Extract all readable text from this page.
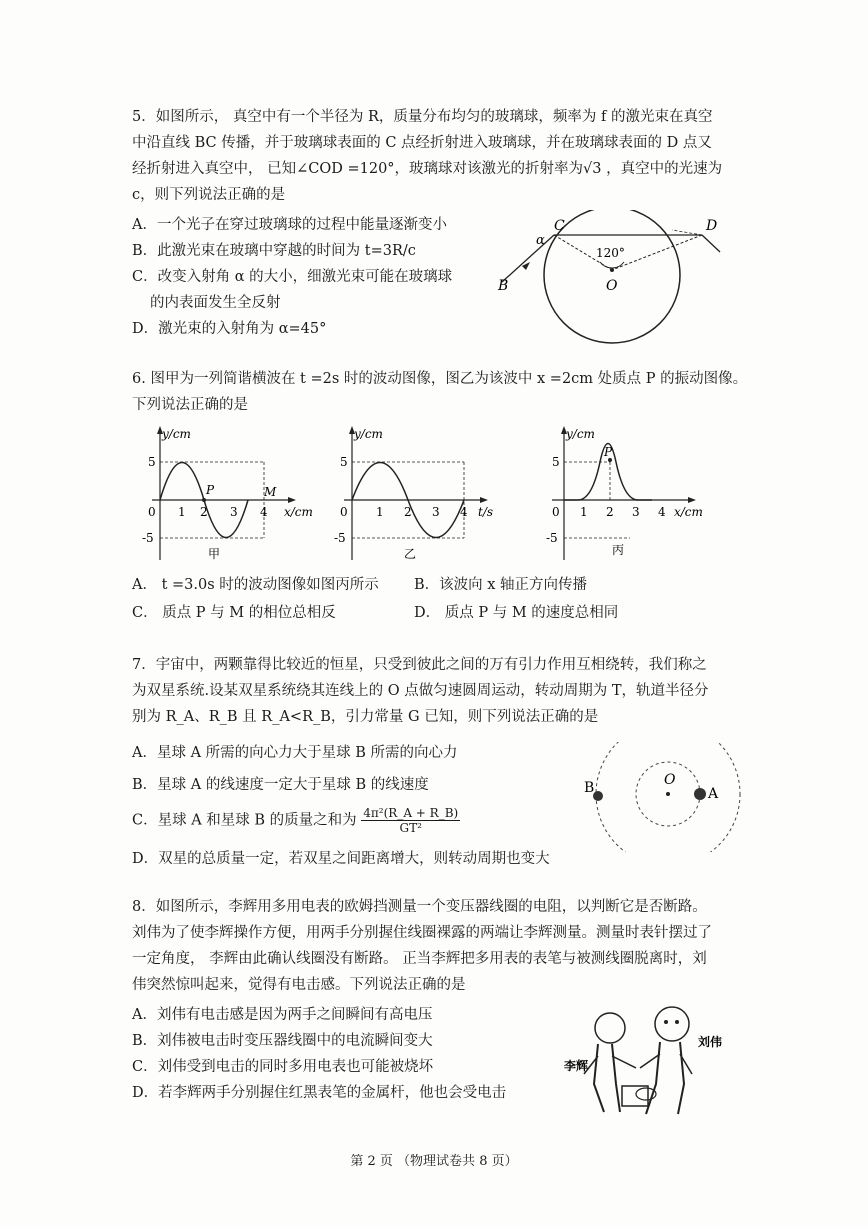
5．如图所示， 真空中有一个半径为 R，质量分布均匀的玻璃球，频率为 f 的激光束在真空
中沿直线 BC 传播，并于玻璃球表面的 C 点经折射进入玻璃球，并在玻璃球表面的 D 点又
经折射进入真空中， 已知∠COD =120°，玻璃球对该激光的折射率为√3 ，真空中的光速为
c，则下列说法正确的是
A．一个光子在穿过玻璃球的过程中能量逐渐变小
B．此激光束在玻璃中穿越的时间为 t=3R/c
C．改变入射角 α 的大小，细激光束可能在玻璃球
的内表面发生全反射
D．激光束的入射角为 α=45°
C	D
O
B
α
120°
6. 图甲为一列简谐横波在 t =2s 时的波动图像，图乙为该波中 x =2cm 处质点 P 的振动图像。
下列说法正确的是
y/cm
x/cm
5
-5
0 1 2 3 4
P	M
甲
y/cm
t/s
5
-5
0 1 2 3 4
乙
y/cm
x/cm
5
-5
0 1 2 3 4
P
丙
A． t =3.0s 时的波动图像如图丙所示 B．该波向 x 轴正方向传播
C． 质点 P 与 M 的相位总相反	D． 质点 P 与 M 的速度总相同
7．宇宙中，两颗靠得比较近的恒星，只受到彼此之间的万有引力作用互相绕转，我们称之
为双星系统.设某双星系统绕其连线上的 O 点做匀速圆周运动，转动周期为 T，轨道半径分
别为 R_A、R_B 且 R_A<R_B，引力常量 G 已知，则下列说法正确的是
A．星球 A 所需的向心力大于星球 B 所需的向心力
B．星球 A 的线速度一定大于星球 B 的线速度
C．星球 A 和星球 B 的质量之和为 $\frac{\text{4π²(R\_A + R\_B)}}{\text{GT²}}$
D．双星的总质量一定，若双星之间距离增大，则转动周期也变大
O
B	A
8．如图所示，李辉用多用电表的欧姆挡测量一个变压器线圈的电阻，以判断它是否断路。
刘伟为了使李辉操作方便，用两手分别握住线圈裸露的两端让李辉测量。测量时表针摆过了
一定角度， 李辉由此确认线圈没有断路。 正当李辉把多用表的表笔与被测线圈脱离时，刘
伟突然惊叫起来，觉得有电击感。下列说法正确的是
A．刘伟有电击感是因为两手之间瞬间有高电压
B．刘伟被电击时变压器线圈中的电流瞬间变大
C．刘伟受到电击的同时多用电表也可能被烧坏
D．若李辉两手分别握住红黑表笔的金属杆，他也会受电击
李辉
刘伟
第 2 页 （物理试卷共 8 页）
